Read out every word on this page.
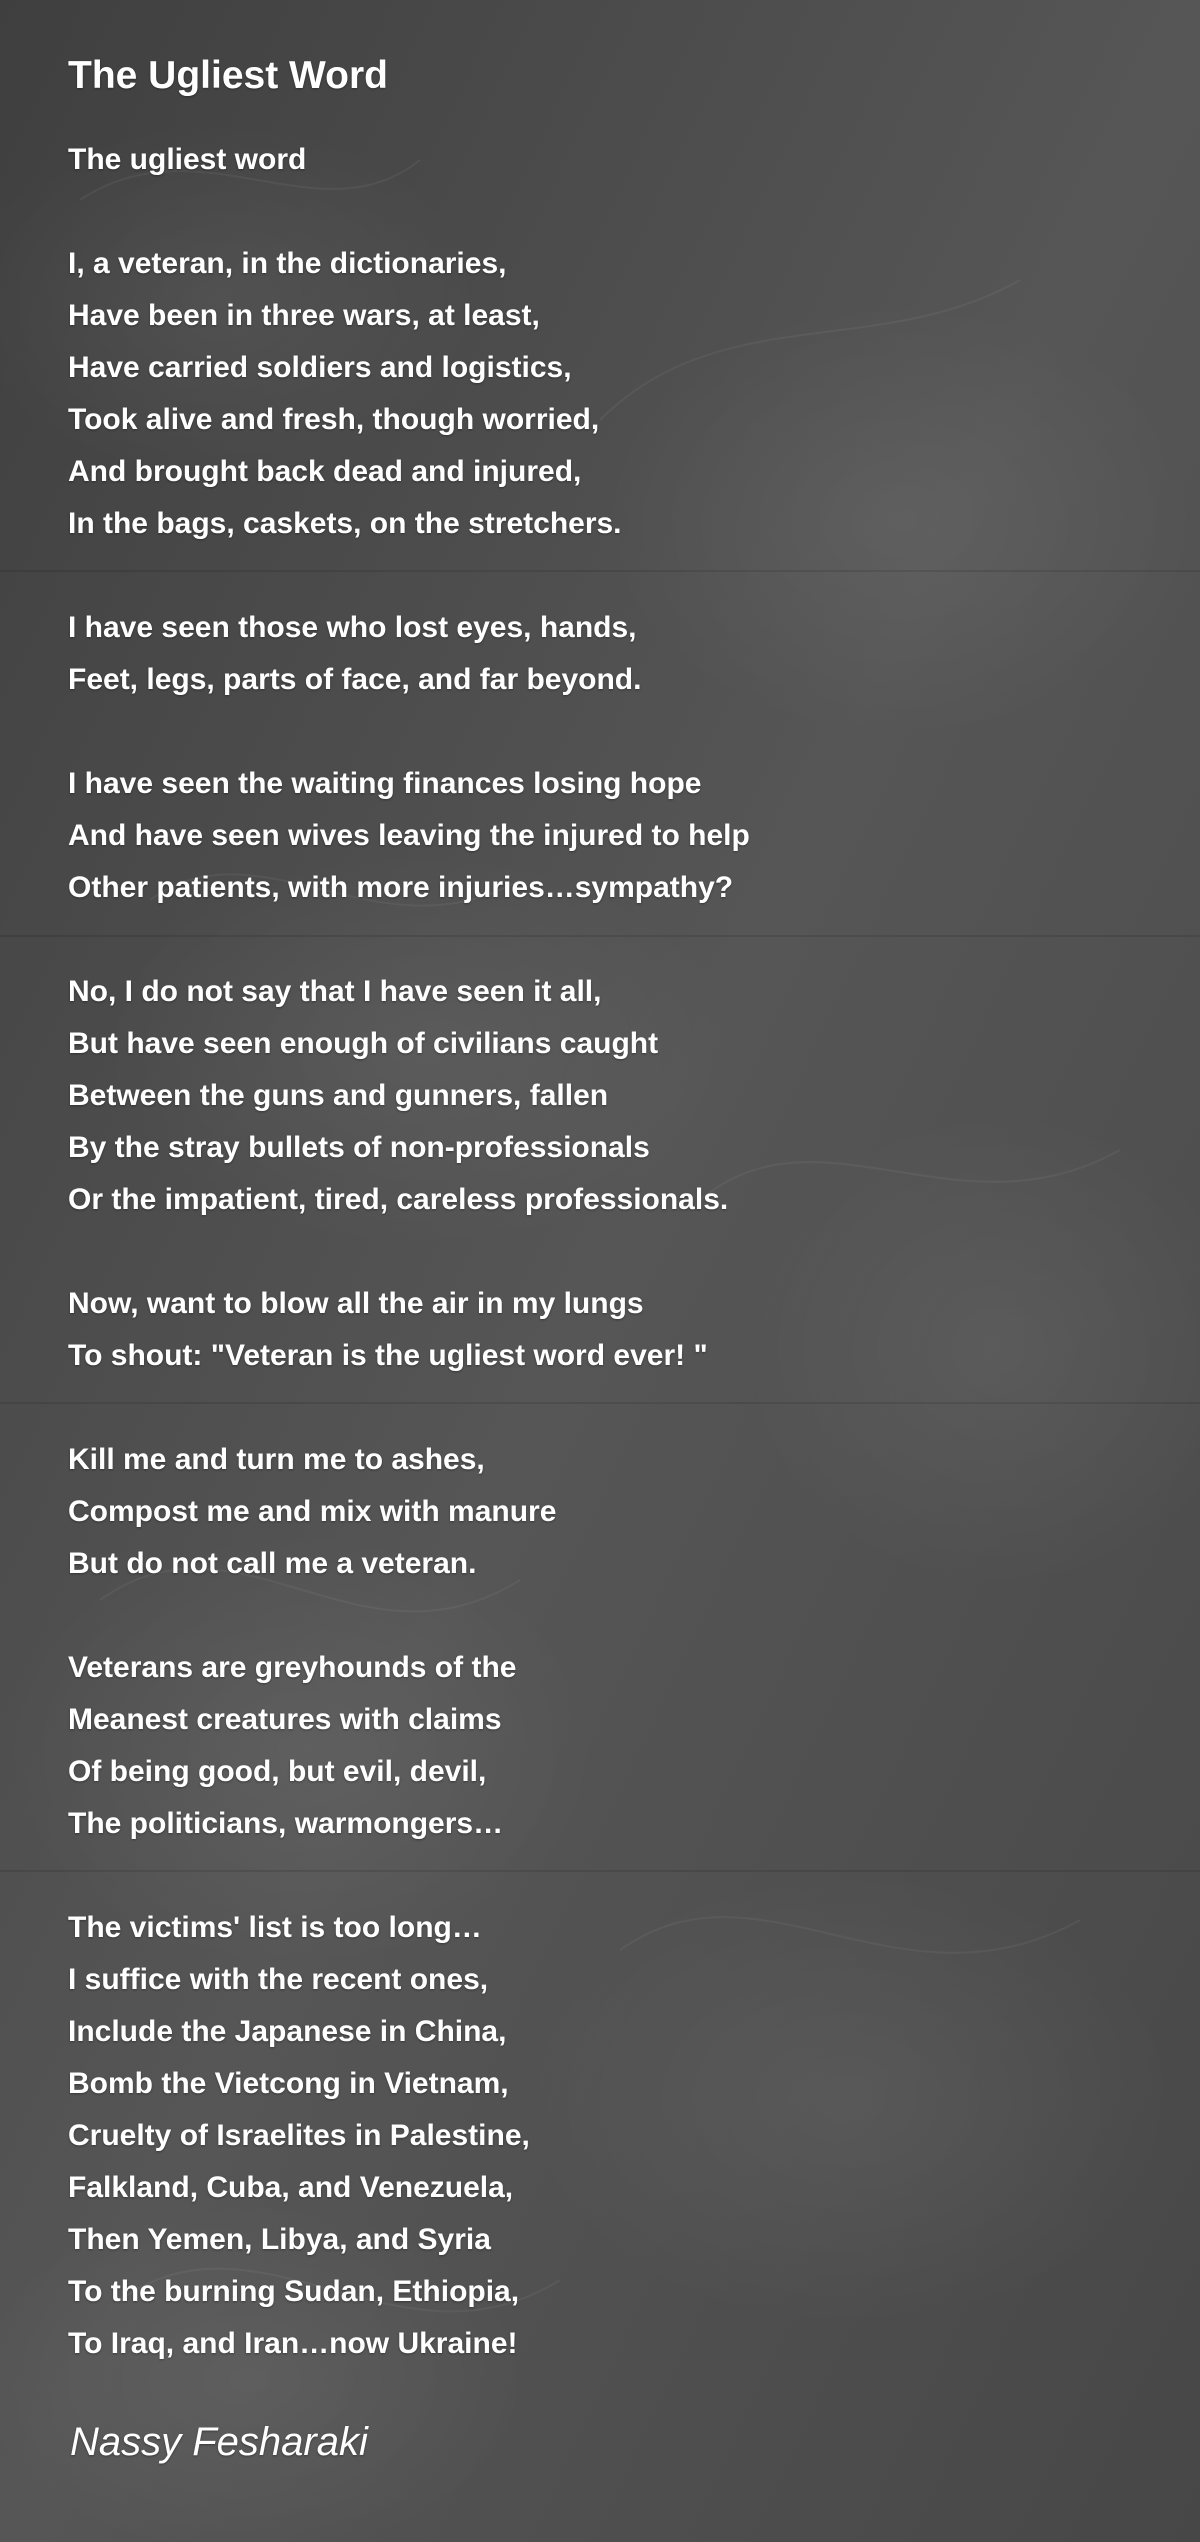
The Ugliest Word
The ugliest word
I, a veteran, in the dictionaries,
Have been in three wars, at least,
Have carried soldiers and logistics,
Took alive and fresh, though worried,
And brought back dead and injured,
In the bags, caskets, on the stretchers.
I have seen those who lost eyes, hands,
Feet, legs, parts of face, and far beyond.
I have seen the waiting finances losing hope
And have seen wives leaving the injured to help
Other patients, with more injuries…sympathy?
No, I do not say that I have seen it all,
But have seen enough of civilians caught
Between the guns and gunners, fallen
By the stray bullets of non-professionals
Or the impatient, tired, careless professionals.
Now, want to blow all the air in my lungs
To shout: "Veteran is the ugliest word ever! "
Kill me and turn me to ashes,
Compost me and mix with manure
But do not call me a veteran.
Veterans are greyhounds of the
Meanest creatures with claims
Of being good, but evil, devil,
The politicians, warmongers…
The victims' list is too long…
I suffice with the recent ones,
Include the Japanese in China,
Bomb the Vietcong in Vietnam,
Cruelty of Israelites in Palestine,
Falkland, Cuba, and Venezuela,
Then Yemen, Libya, and Syria
To the burning Sudan, Ethiopia,
To Iraq, and Iran…now Ukraine!
Nassy Fesharaki
